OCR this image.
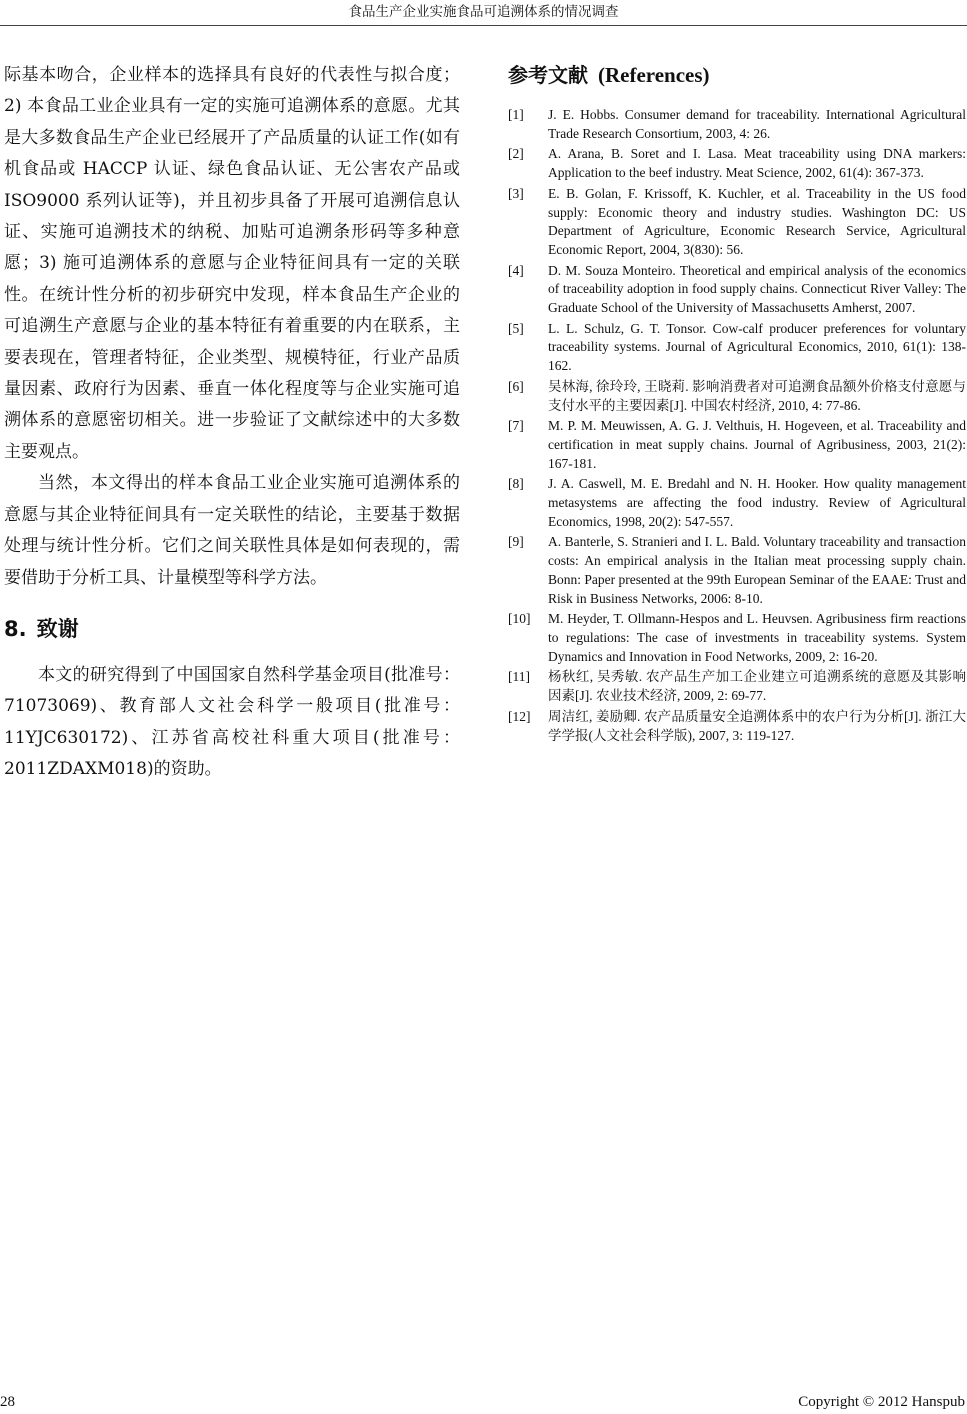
食品生产企业实施食品可追溯体系的情况调查

际基本吻合，企业样本的选择具有良好的代表性与拟合度；2) 本食品工业企业具有一定的实施可追溯体系的意愿。尤其是大多数食品生产企业已经展开了产品质量的认证工作(如有机食品或 HACCP 认证、绿色食品认证、无公害农产品或 ISO9000 系列认证等)，并且初步具备了开展可追溯信息认证、实施可追溯技术的纳税、加贴可追溯条形码等多种意愿；3) 施可追溯体系的意愿与企业特征间具有一定的关联性。在统计性分析的初步研究中发现，样本食品生产企业的可追溯生产意愿与企业的基本特征有着重要的内在联系，主要表现在，管理者特征，企业类型、规模特征，行业产品质量因素、政府行为因素、垂直一体化程度等与企业实施可追溯体系的意愿密切相关。进一步验证了文献综述中的大多数主要观点。

当然，本文得出的样本食品工业企业实施可追溯体系的意愿与其企业特征间具有一定关联性的结论，主要基于数据处理与统计性分析。它们之间关联性具体是如何表现的，需要借助于分析工具、计量模型等科学方法。

8. 致谢

本文的研究得到了中国国家自然科学基金项目(批准号：71073069)、教育部人文社会科学一般项目(批准号：11YJC630172)、江苏省高校社科重大项目(批准号：2011ZDAXM018)的资助。

参考文献 (References)
[1]	J. E. Hobbs. Consumer demand for traceability. International Agricultural Trade Research Consortium, 2003, 4: 26.
[2]	A. Arana, B. Soret and I. Lasa. Meat traceability using DNA markers: Application to the beef industry. Meat Science, 2002, 61(4): 367-373.
[3]	E. B. Golan, F. Krissoff, K. Kuchler, et al. Traceability in the US food supply: Economic theory and industry studies. Washington DC: US Department of Agriculture, Economic Research Service, Agricultural Economic Report, 2004, 3(830): 56.
[4]	D. M. Souza Monteiro. Theoretical and empirical analysis of the economics of traceability adoption in food supply chains. Connecticut River Valley: The Graduate School of the University of Massachusetts Amherst, 2007.
[5]	L. L. Schulz, G. T. Tonsor. Cow-calf producer preferences for voluntary traceability systems. Journal of Agricultural Economics, 2010, 61(1): 138-162.
[6]	吴林海, 徐玲玲, 王晓莉. 影响消费者对可追溯食品额外价格支付意愿与支付水平的主要因素[J]. 中国农村经济, 2010, 4: 77-86.
[7]	M. P. M. Meuwissen, A. G. J. Velthuis, H. Hogeveen, et al. Traceability and certification in meat supply chains. Journal of Agribusiness, 2003, 21(2): 167-181.
[8]	J. A. Caswell, M. E. Bredahl and N. H. Hooker. How quality management metasystems are affecting the food industry. Review of Agricultural Economics, 1998, 20(2): 547-557.
[9]	A. Banterle, S. Stranieri and I. L. Bald. Voluntary traceability and transaction costs: An empirical analysis in the Italian meat processing supply chain. Bonn: Paper presented at the 99th European Seminar of the EAAE: Trust and Risk in Business Networks, 2006: 8-10.
[10]	M. Heyder, T. Ollmann-Hespos and L. Heuvsen. Agribusiness firm reactions to regulations: The case of investments in traceability systems. System Dynamics and Innovation in Food Networks, 2009, 2: 16-20.
[11]	杨秋红, 吴秀敏. 农产品生产加工企业建立可追溯系统的意愿及其影响因素[J]. 农业技术经济, 2009, 2: 69-77.
[12]	周洁红, 姜励卿. 农产品质量安全追溯体系中的农户行为分析[J]. 浙江大学学报(人文社会科学版), 2007, 3: 119-127.
28	Copyright © 2012 Hanspub
